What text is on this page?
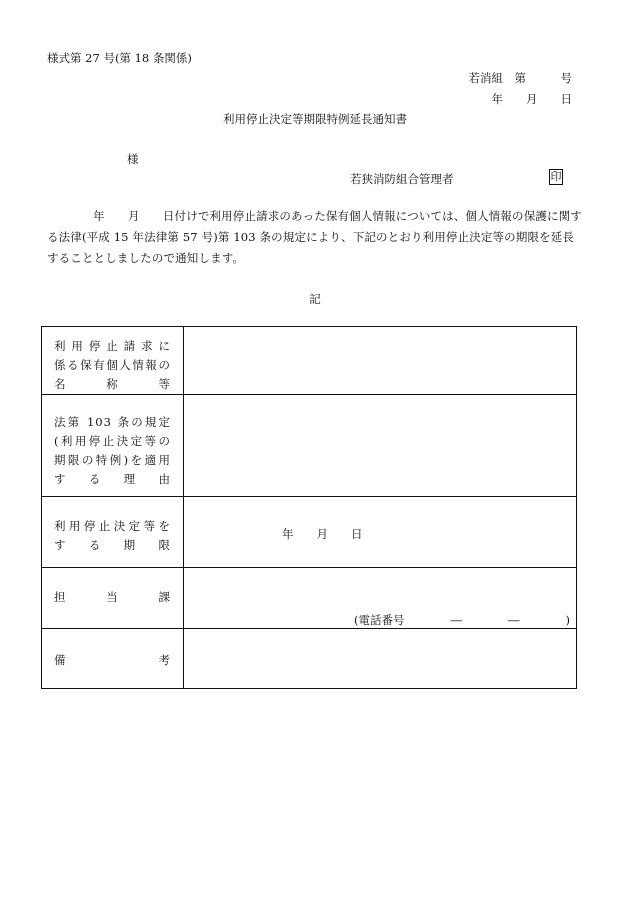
様式第 27 号(第 18 条関係)
若消組　第　　　号
年　　月　　日
利用停止決定等期限特例延長通知書
様
若狭消防組合管理者	印
年　　月　　日付けで利用停止請求のあった保有個人情報については、個人情報の保護に関する法律(平成 15 年法律第 57 号)第 103 条の規定により、下記のとおり利用停止決定等の期限を延長することとしましたので通知します。
記
利用停止請求に
係る保有個人情報の
名　称　等	

法第 103 条の規定
(利用停止決定等の
期限の特例)を適用
す　る　理　由	

利用停止決定等を
す　る　期　限	年　　月　　日

担　当　課	(電話番号　　　　―　　　　―　　　　)

備　考	
